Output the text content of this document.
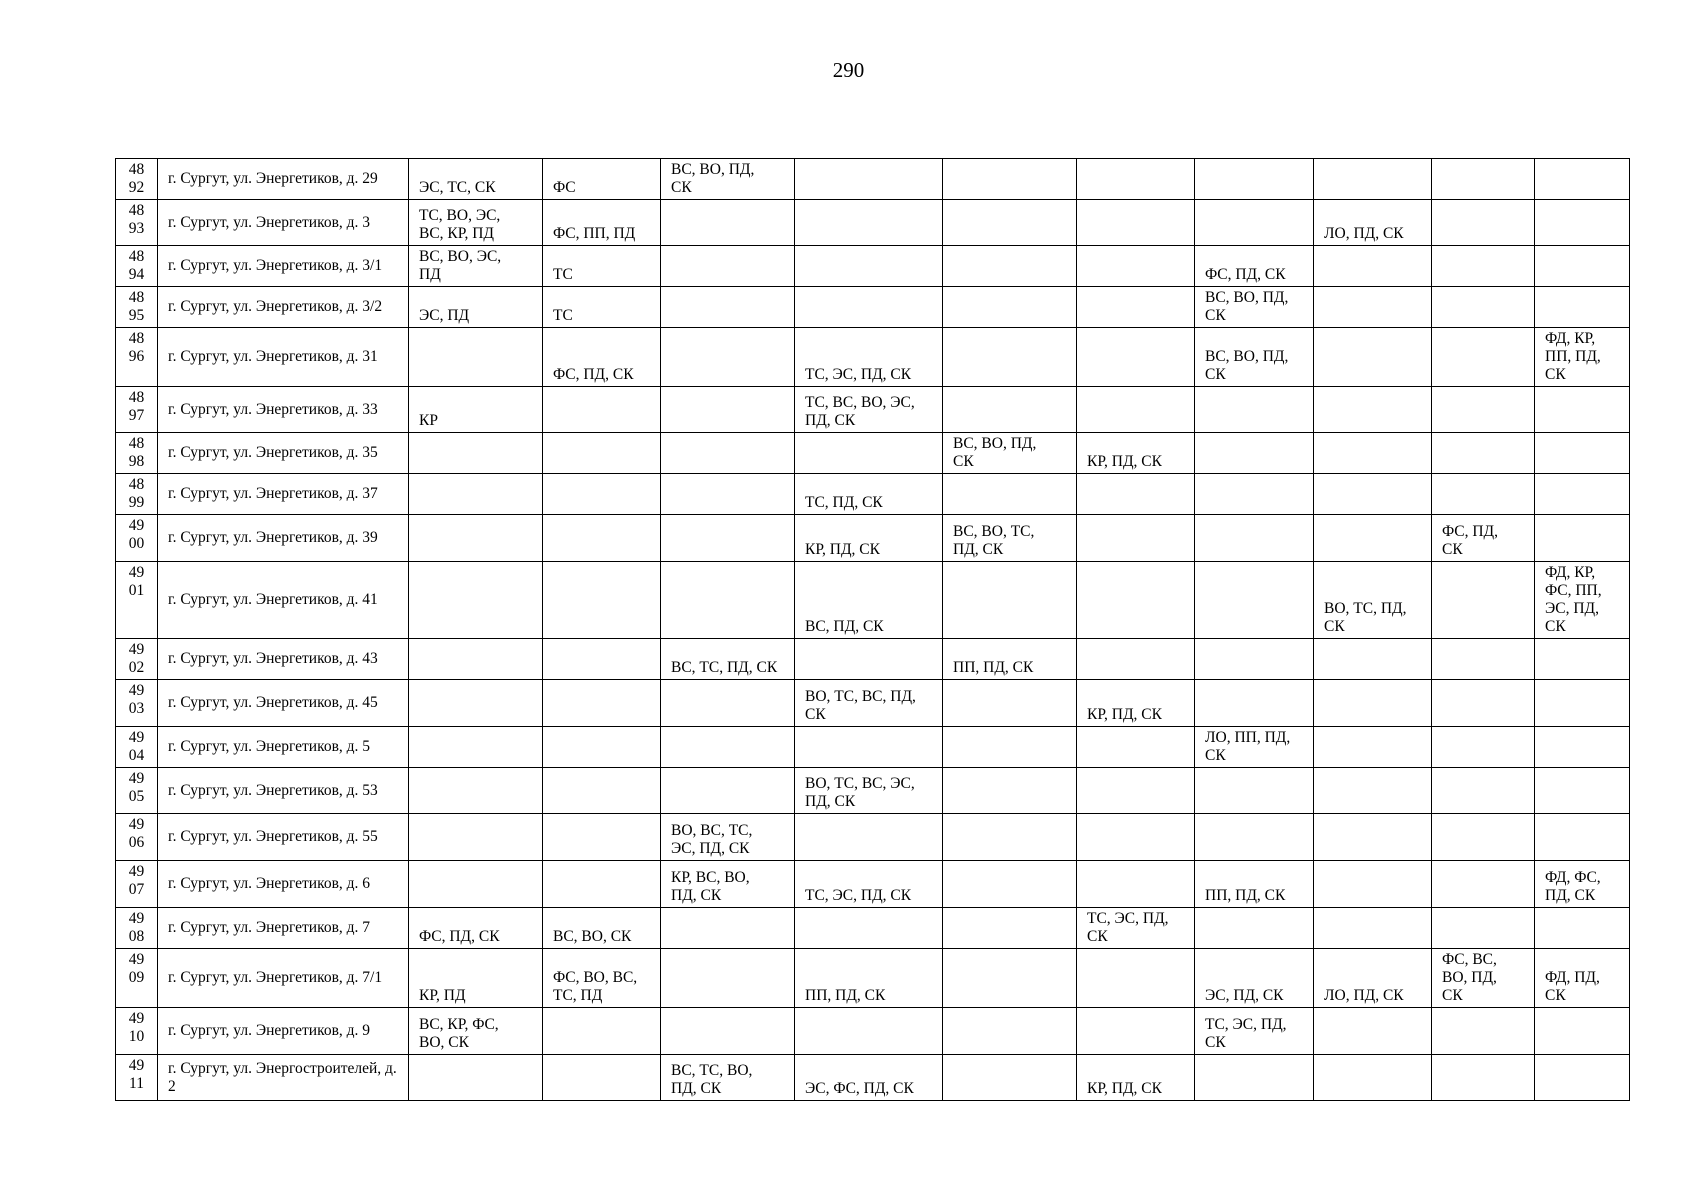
290
48
92	г. Сургут, ул. Энергетиков, д. 29	ЭС, ТС, СК	ФС	ВС, ВО, ПД,
СК							
48
93	г. Сургут, ул. Энергетиков, д. 3	ТС, ВО, ЭС,
ВС, КР, ПД	ФС, ПП, ПД						ЛО, ПД, СК		
48
94	г. Сургут, ул. Энергетиков, д. 3/1	ВС, ВО, ЭС,
ПД	ТС					ФС, ПД, СК			
48
95	г. Сургут, ул. Энергетиков, д. 3/2	ЭС, ПД	ТС					ВС, ВО, ПД,
СК			
48
96	г. Сургут, ул. Энергетиков, д. 31		ФС, ПД, СК		ТС, ЭС, ПД, СК			ВС, ВО, ПД,
СК			ФД, КР,
ПП, ПД,
СК
48
97	г. Сургут, ул. Энергетиков, д. 33	КР			ТС, ВС, ВО, ЭС,
ПД, СК						
48
98	г. Сургут, ул. Энергетиков, д. 35					ВС, ВО, ПД,
СК	КР, ПД, СК				
48
99	г. Сургут, ул. Энергетиков, д. 37				ТС, ПД, СК						
49
00	г. Сургут, ул. Энергетиков, д. 39				КР, ПД, СК	ВС, ВО, ТС,
ПД, СК				ФС, ПД,
СК	
49
01	г. Сургут, ул. Энергетиков, д. 41				ВС, ПД, СК				ВО, ТС, ПД,
СК		ФД, КР,
ФС, ПП,
ЭС, ПД,
СК
49
02	г. Сургут, ул. Энергетиков, д. 43			ВС, ТС, ПД, СК		ПП, ПД, СК					
49
03	г. Сургут, ул. Энергетиков, д. 45				ВО, ТС, ВС, ПД,
СК		КР, ПД, СК				
49
04	г. Сургут, ул. Энергетиков, д. 5							ЛО, ПП, ПД,
СК			
49
05	г. Сургут, ул. Энергетиков, д. 53				ВО, ТС, ВС, ЭС,
ПД, СК						
49
06	г. Сургут, ул. Энергетиков, д. 55			ВО, ВС, ТС,
ЭС, ПД, СК							
49
07	г. Сургут, ул. Энергетиков, д. 6			КР, ВС, ВО,
ПД, СК	ТС, ЭС, ПД, СК			ПП, ПД, СК			ФД, ФС,
ПД, СК
49
08	г. Сургут, ул. Энергетиков, д. 7	ФС, ПД, СК	ВС, ВО, СК				ТС, ЭС, ПД,
СК				
49
09	г. Сургут, ул. Энергетиков, д. 7/1	КР, ПД	ФС, ВО, ВС,
ТС, ПД		ПП, ПД, СК			ЭС, ПД, СК	ЛО, ПД, СК	ФС, ВС,
ВО, ПД,
СК	ФД, ПД,
СК
49
10	г. Сургут, ул. Энергетиков, д. 9	ВС, КР, ФС,
ВО, СК						ТС, ЭС, ПД,
СК			
49
11	г. Сургут, ул. Энергостроителей, д. 2			ВС, ТС, ВО,
ПД, СК	ЭС, ФС, ПД, СК		КР, ПД, СК				
